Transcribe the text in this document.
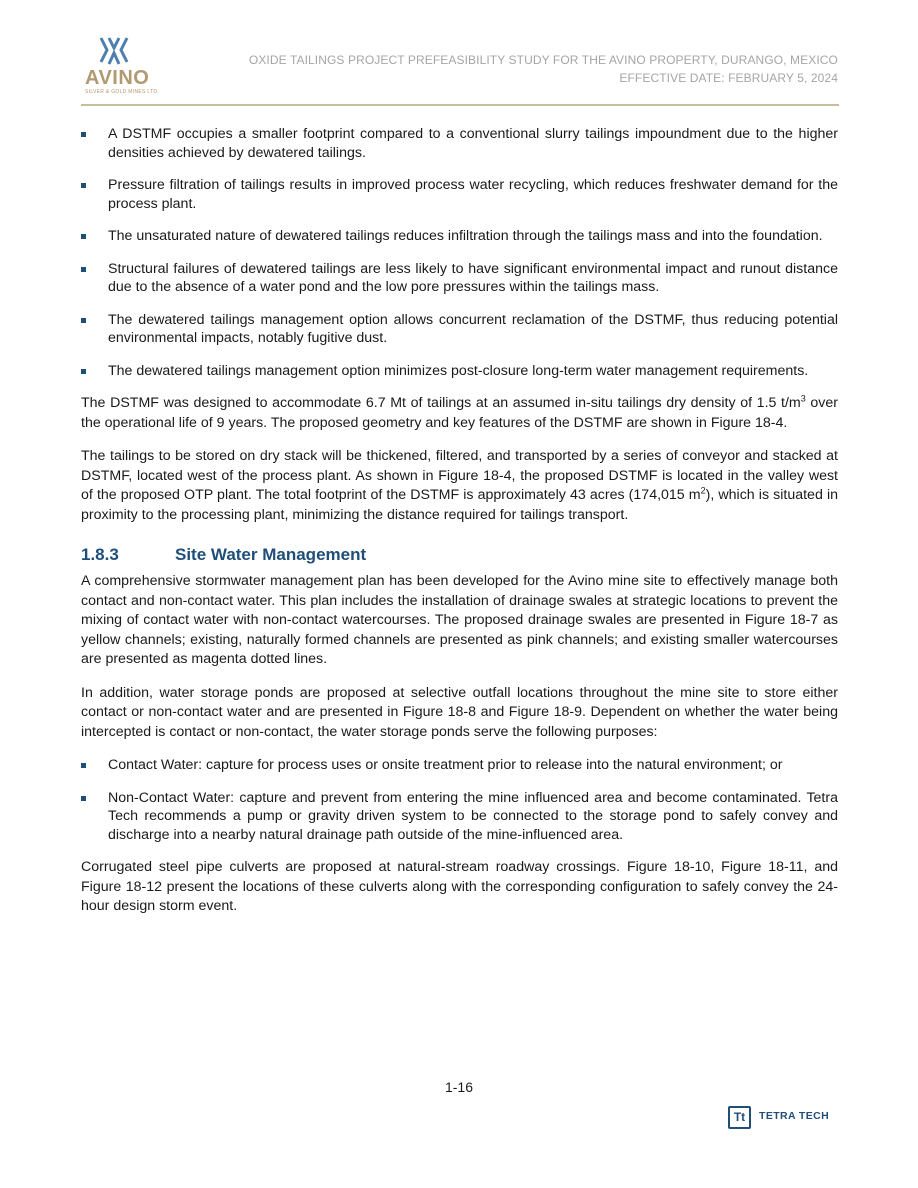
AVINO
SILVER & GOLD MINES LTD.
OXIDE TAILINGS PROJECT PREFEASIBILITY STUDY FOR THE AVINO PROPERTY, DURANGO, MEXICO
EFFECTIVE DATE: FEBRUARY 5, 2024
A DSTMF occupies a smaller footprint compared to a conventional slurry tailings impoundment due to the higher densities achieved by dewatered tailings.
Pressure filtration of tailings results in improved process water recycling, which reduces freshwater demand for the process plant.
The unsaturated nature of dewatered tailings reduces infiltration through the tailings mass and into the foundation.
Structural failures of dewatered tailings are less likely to have significant environmental impact and runout distance due to the absence of a water pond and the low pore pressures within the tailings mass.
The dewatered tailings management option allows concurrent reclamation of the DSTMF, thus reducing potential environmental impacts, notably fugitive dust.
The dewatered tailings management option minimizes post-closure long-term water management requirements.

The DSTMF was designed to accommodate 6.7 Mt of tailings at an assumed in-situ tailings dry density of 1.5 $t/m^3$ over the operational life of 9 years. The proposed geometry and key features of the DSTMF are shown in Figure 18-4.

The tailings to be stored on dry stack will be thickened, filtered, and transported by a series of conveyor and stacked at DSTMF, located west of the process plant. As shown in Figure 18-4, the proposed DSTMF is located in the valley west of the proposed OTP plant. The total footprint of the DSTMF is approximately 43 acres (174,015 $m^2$), which is situated in proximity to the processing plant, minimizing the distance required for tailings transport.

1.8.3	Site Water Management

A comprehensive stormwater management plan has been developed for the Avino mine site to effectively manage both contact and non-contact water. This plan includes the installation of drainage swales at strategic locations to prevent the mixing of contact water with non-contact watercourses. The proposed drainage swales are presented in Figure 18-7 as yellow channels; existing, naturally formed channels are presented as pink channels; and existing smaller watercourses are presented as magenta dotted lines.

In addition, water storage ponds are proposed at selective outfall locations throughout the mine site to store either contact or non-contact water and are presented in Figure 18-8 and Figure 18-9. Dependent on whether the water being intercepted is contact or non-contact, the water storage ponds serve the following purposes:

Contact Water: capture for process uses or onsite treatment prior to release into the natural environment; or
Non-Contact Water: capture and prevent from entering the mine influenced area and become contaminated. Tetra Tech recommends a pump or gravity driven system to be connected to the storage pond to safely convey and discharge into a nearby natural drainage path outside of the mine-influenced area.

Corrugated steel pipe culverts are proposed at natural-stream roadway crossings. Figure 18-10, Figure 18-11, and Figure 18-12 present the locations of these culverts along with the corresponding configuration to safely convey the 24-hour design storm event.

1-16
Tt	TETRA TECH
